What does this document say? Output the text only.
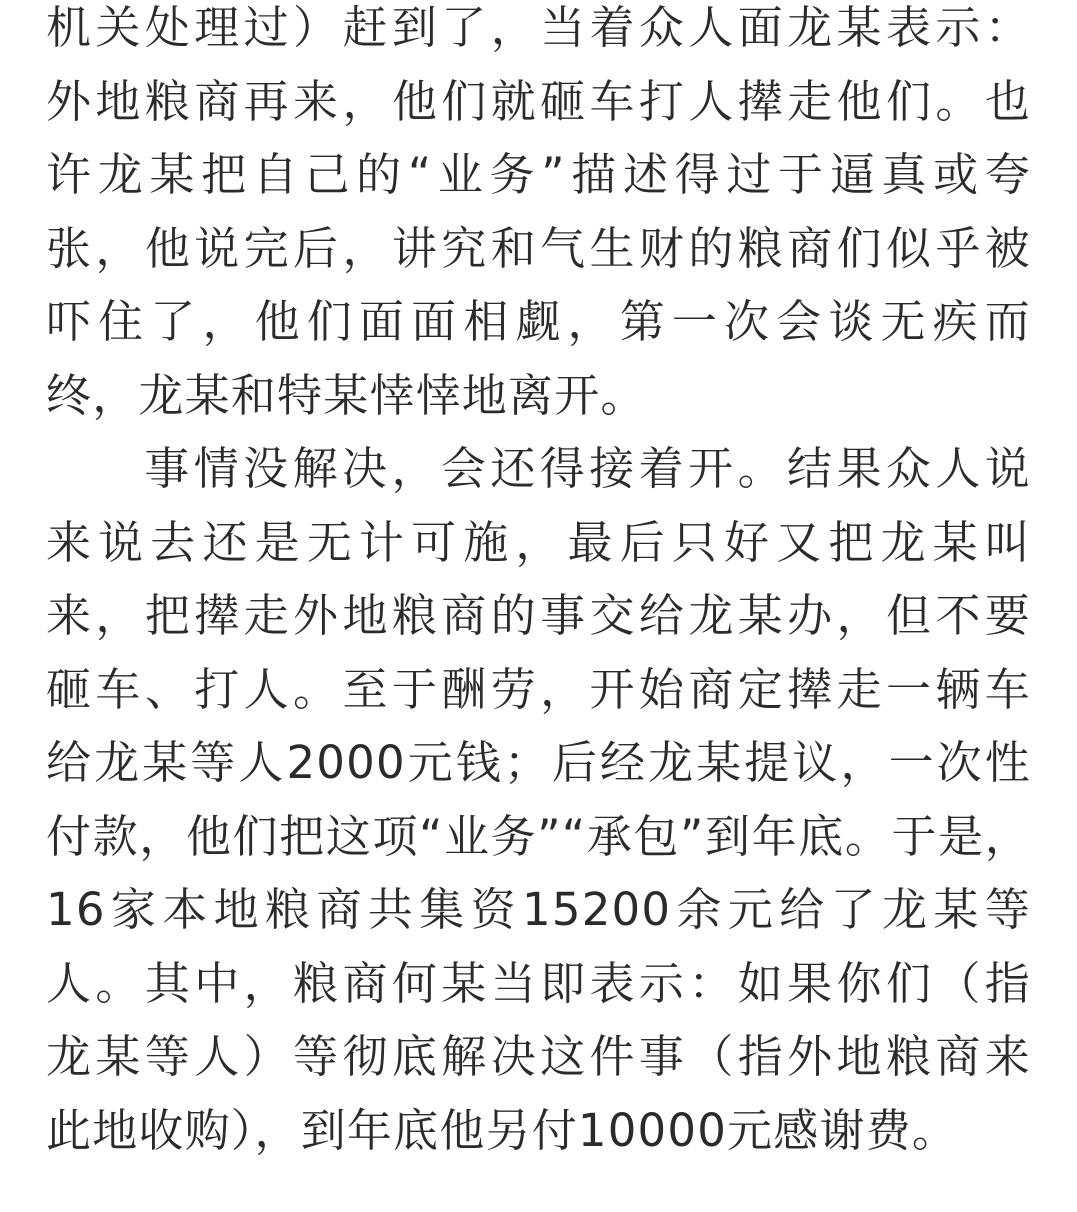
机关处理过）赶到了，当着众人面龙某表示：
外地粮商再来，他们就砸车打人撵走他们。也
许龙某把自己的“业务”描述得过于逼真或夸
张，他说完后，讲究和气生财的粮商们似乎被
吓住了，他们面面相觑，第一次会谈无疾而
终，龙某和特某悻悻地离开。
事情没解决，会还得接着开。结果众人说
来说去还是无计可施，最后只好又把龙某叫
来，把撵走外地粮商的事交给龙某办，但不要
砸车、打人。至于酬劳，开始商定撵走一辆车
给龙某等人2000元钱；后经龙某提议，一次性
付款，他们把这项“业务”“承包”到年底。于是，
16家本地粮商共集资15200余元给了龙某等
人。其中，粮商何某当即表示：如果你们（指
龙某等人）等彻底解决这件事（指外地粮商来
此地收购），到年底他另付10000元感谢费。
